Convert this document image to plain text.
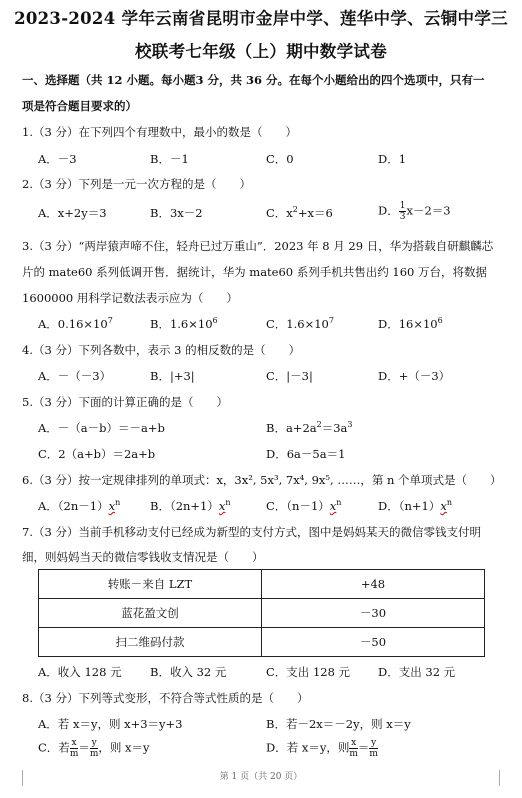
2023-2024 学年云南省昆明市金岸中学、莲华中学、云铜中学三
校联考七年级（上）期中数学试卷
一、选择题（共 12 小题。每小题3 分，共 36 分。在每个小题给出的四个选项中，只有一
项是符合题目要求的）
1.（3 分）在下列四个有理数中，最小的数是（　　）
A．－3	B．－1	C．0	D．1
2.（3 分）下列是一元一次方程的是（　　）
A．x+2y＝3	B．3x－2	C．$x^2+x=6$	D． $\frac{1}{3} x-2=3$
3.（3 分）“两岸猿声啼不住，轻舟已过万重山”．2023 年 8 月 29 日，华为搭载自研麒麟芯
片的 mate60 系列低调开售．据统计，华为 mate60 系列手机共售出约 160 万台，将数据
1600000 用科学记数法表示应为（　　）
A．$0.16\times 10^7$	B．$1.6\times 10^6$	C．$1.6\times 10^7$	D．$16\times 10^6$
4.（3 分）下列各数中，表示 3 的相反数的是（　　）
A．－（－3）	B．|+3|	C．|－3|	D．+（－3）
5.（3 分）下面的计算正确的是（　　）
A．－（a－b）＝－a+b	B．$a+2a^2=3a^3$
C．2（a+b）＝2a+b	D．6a－5a＝1
6.（3 分）按一定规律排列的单项式：x，3x², 5x³, 7x⁴, 9x⁵, ……，第 n 个单项式是（　　）
A．$(2n-1)x^n$	B．$(2n+1)x^n$	C．$(n-1)x^n$	D．$(n+1)x^n$
7.（3 分）当前手机移动支付已经成为新型的支付方式，图中是妈妈某天的微信零钱支付明
细，则妈妈当天的微信零钱收支情况是（　　）
转账－来自 LZT	+48
蓝花盈文创	－30
扫二维码付款	－50
A．收入 128 元 B．收入 32 元	C．支出 128 元 D．支出 32 元
8.（3 分）下列等式变形，不符合等式性质的是（　　）
A．若 x＝y，则 x+3＝y+3	B．若－2x＝－2y，则 x＝y
C．若 $\frac{x}{m} = \frac{y}{m}$ ，则 x＝y	D．若 x＝y，则 $\frac{x}{m} = \frac{y}{m}$
第 1 页（共 20 页）
